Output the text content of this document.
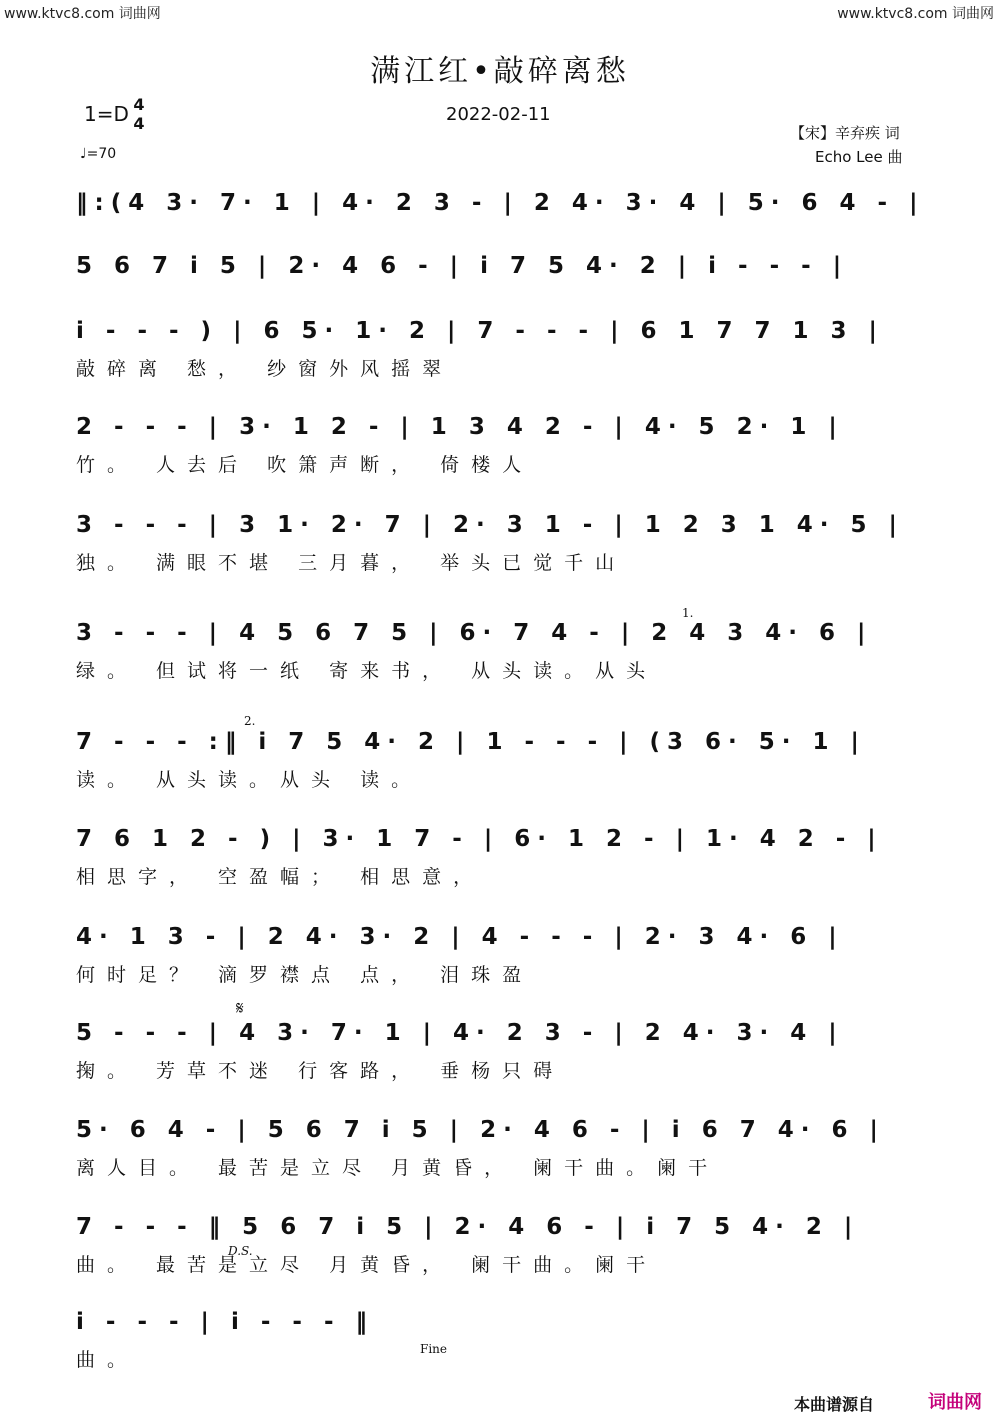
www.ktvc8.com 词曲网	www.ktvc8.com 词曲网
满江红•敲碎离愁
1=D 4
4
♩=70
2022-02-11
【宋】辛弃疾 词
Echo Lee 曲
‖:(4 3· 7· 1 | 4· 2 3 - | 2 4· 3· 4 | 5· 6 4 - |
5 6 7 i 5 | 2· 4 6 - | i 7 5 4· 2 | i - - - |
i - - - ) | 6 5· 1· 2 | 7 - - - | 6 1 7 7 1 3 |
敲碎离 愁， 纱窗外风摇翠
2 - - - | 3· 1 2 - | 1 3 4 2 - | 4· 5 2· 1 |
竹。 人去后 吹箫声断， 倚楼人
3 - - - | 3 1· 2· 7 | 2· 3 1 - | 1 2 3 1 4· 5 |
独。 满眼不堪 三月暮， 举头已觉千山
3 - - - | 4 5 6 7 5 | 6· 7 4 - | 2 4 3 4· 6 |
绿。 但试将一纸 寄来书， 从头读。从头
7 - - - :‖ i 7 5 4· 2 | 1 - - - | (3 6· 5· 1 |
读。 从头读。从头 读。
7 6 1 2 - ) | 3· 1 7 - | 6· 1 2 - | 1· 4 2 - |
相思字， 空盈幅； 相思意，
4· 1 3 - | 2 4· 3· 2 | 4 - - - | 2· 3 4· 6 |
何时足？ 滴罗襟点 点， 泪珠盈
5 - - - | 4 3· 7· 1 | 4· 2 3 - | 2 4· 3· 4 |
掬。 芳草不迷 行客路， 垂杨只碍
5· 6 4 - | 5 6 7 i 5 | 2· 4 6 - | i 6 7 4· 6 |
离人目。 最苦是立尽 月黄昏， 阑干曲。阑干
7 - - - ‖ 5 6 7 i 5 | 2· 4 6 - | i 7 5 4· 2 |
曲。 最苦是立尽 月黄昏， 阑干曲。阑干
i - - - | i - - - ‖
曲。
1.
2.
𝄋
D.S.
Fine
本曲谱源自	词曲网
